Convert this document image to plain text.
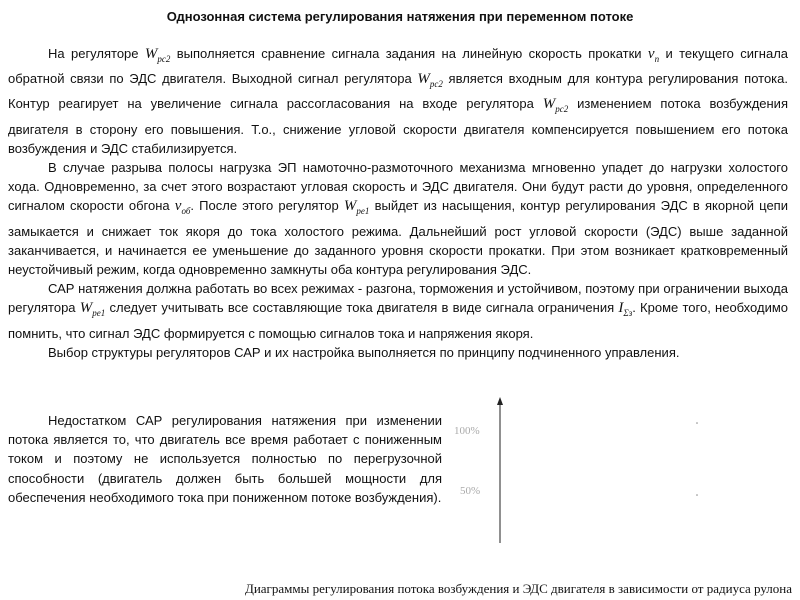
Однозонная система регулирования натяжения при переменном потоке

На регуляторе $W_{рс2}$ выполняется сравнение сигнала задания на линейную скорость прокатки $v_п$ и текущего сигнала обратной связи по ЭДС двигателя. Выходной сигнал регулятора $W_{рс2}$ является входным для контура регулирования потока. Контур реагирует на увеличение сигнала рассогласования на входе регулятора $W_{рс2}$ изменением потока возбуждения двигателя в сторону его повышения. Т.о., снижение угловой скорости двигателя компенсируется повышением его потока возбуждения и ЭДС стабилизируется.

В случае разрыва полосы нагрузка ЭП намоточно-размоточного механизма мгновенно упадет до нагрузки холостого хода. Одновременно, за счет этого возрастают угловая скорость и ЭДС двигателя. Они будут расти до уровня, определенного сигналом скорости обгона $v_{об}$. После этого регулятор $W_{ре1}$ выйдет из насыщения, контур регулирования ЭДС в якорной цепи замыкается и снижает ток якоря до тока холостого режима. Дальнейший рост угловой скорости (ЭДС) выше заданной заканчивается, и начинается ее уменьшение до заданного уровня скорости прокатки. При этом возникает кратковременный неустойчивый режим, когда одновременно замкнуты оба контура регулирования ЭДС.

САР натяжения должна работать во всех режимах - разгона, торможения и устойчивом, поэтому при ограничении выхода регулятора $W_{ре1}$ следует учитывать все составляющие тока двигателя в виде сигнала ограничения $I_{\Sigma з}$. Кроме того, необходимо помнить, что сигнал ЭДС формируется с помощью сигналов тока и напряжения якоря.

Выбор структуры регуляторов САР и их настройка выполняется по принципу подчиненного управления.

Недостатком САР регулирования натяжения при изменении потока является то, что двигатель все время работает с пониженным током и поэтому не используется полностью по перегрузочной способности (двигатель должен быть большей мощности для обеспечения необходимого тока при пониженном потоке возбуждения).

100%
50%
Диаграммы регулирования потока возбуждения и ЭДС двигателя в зависимости от радиуса рулона
